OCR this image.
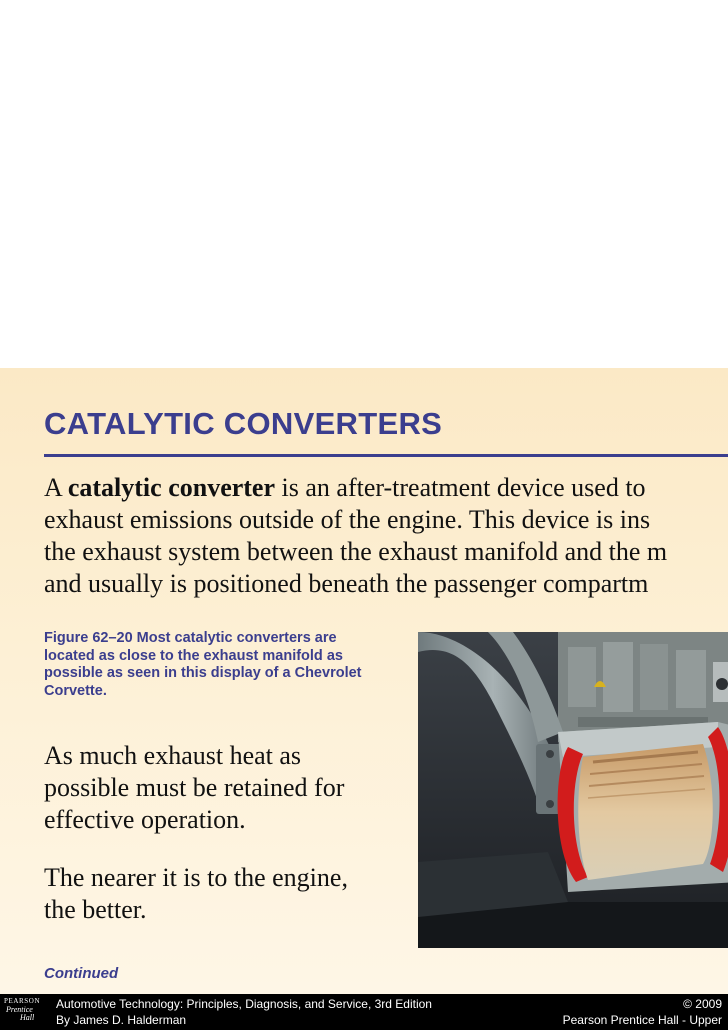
CATALYTIC CONVERTERS
A catalytic converter is an after-treatment device used to
exhaust emissions outside of the engine. This device is ins
the exhaust system between the exhaust manifold and the m
and usually is positioned beneath the passenger compartm
Figure 62–20 Most catalytic converters are located as close to the exhaust manifold as possible as seen in this display of a Chevrolet Corvette.
As much exhaust heat as possible must be retained for effective operation.
The nearer it is to the engine, the better.
Continued
PEARSON
Prentice
Hall
Automotive Technology: Principles, Diagnosis, and Service, 3rd Edition
By James D. Halderman
© 2009
Pearson Prentice Hall - Upper
